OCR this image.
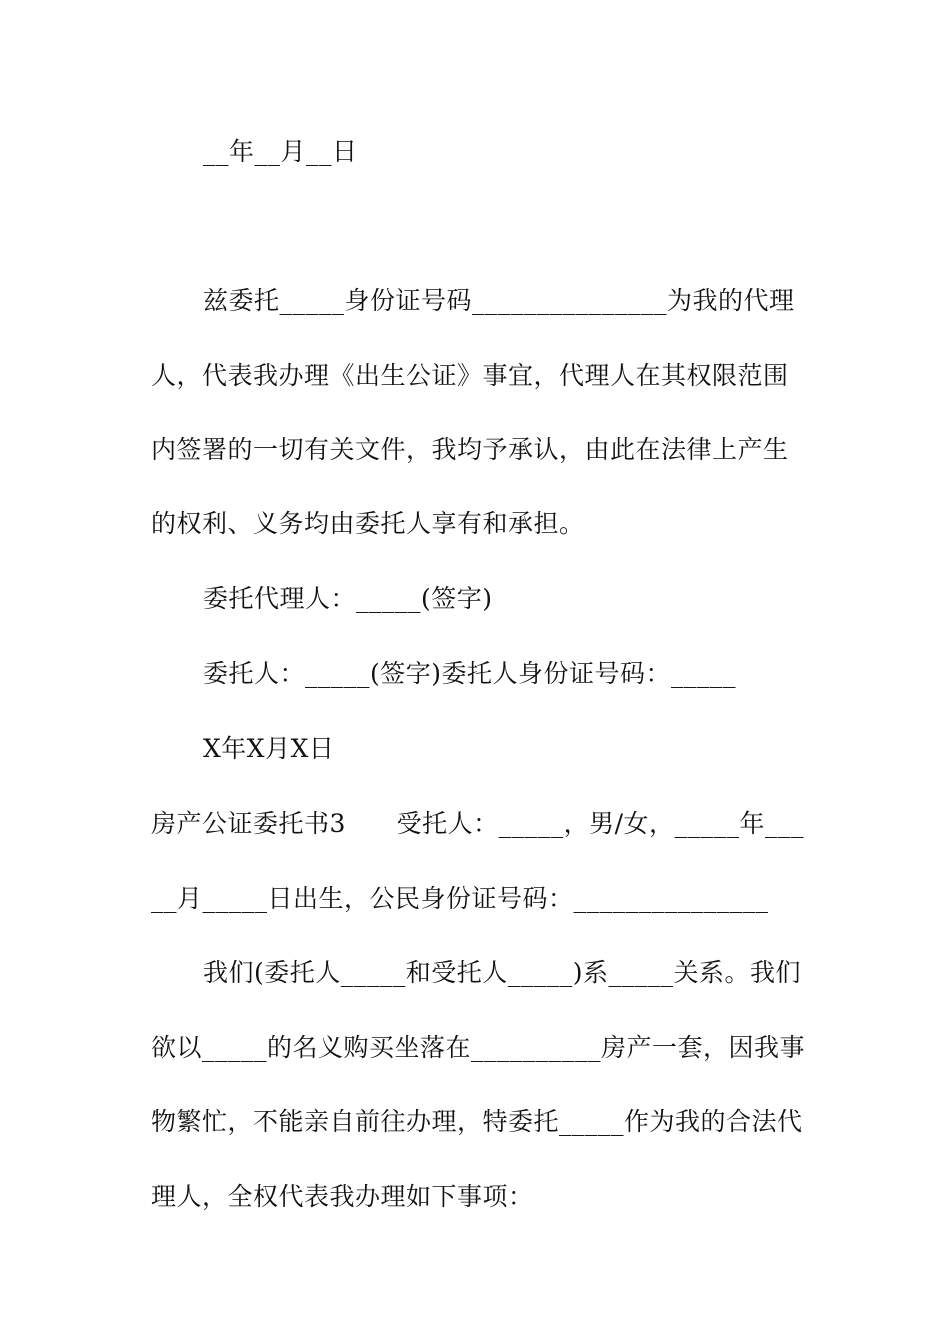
__年__月__日
兹委托_____身份证号码_______________为我的代理
人，代表我办理《出生公证》事宜，代理人在其权限范围
内签署的一切有关文件，我均予承认，由此在法律上产生
的权利、义务均由委托人享有和承担。
委托代理人：_____(签字)
委托人：_____(签字)委托人身份证号码：_____
X年X月X日
房产公证委托书3      受托人：_____，男/女，_____年___
__月_____日出生，公民身份证号码：_______________
我们(委托人_____和受托人_____)系_____关系。我们
欲以_____的名义购买坐落在__________房产一套，因我事
物繁忙，不能亲自前往办理，特委托_____作为我的合法代
理人，全权代表我办理如下事项：
